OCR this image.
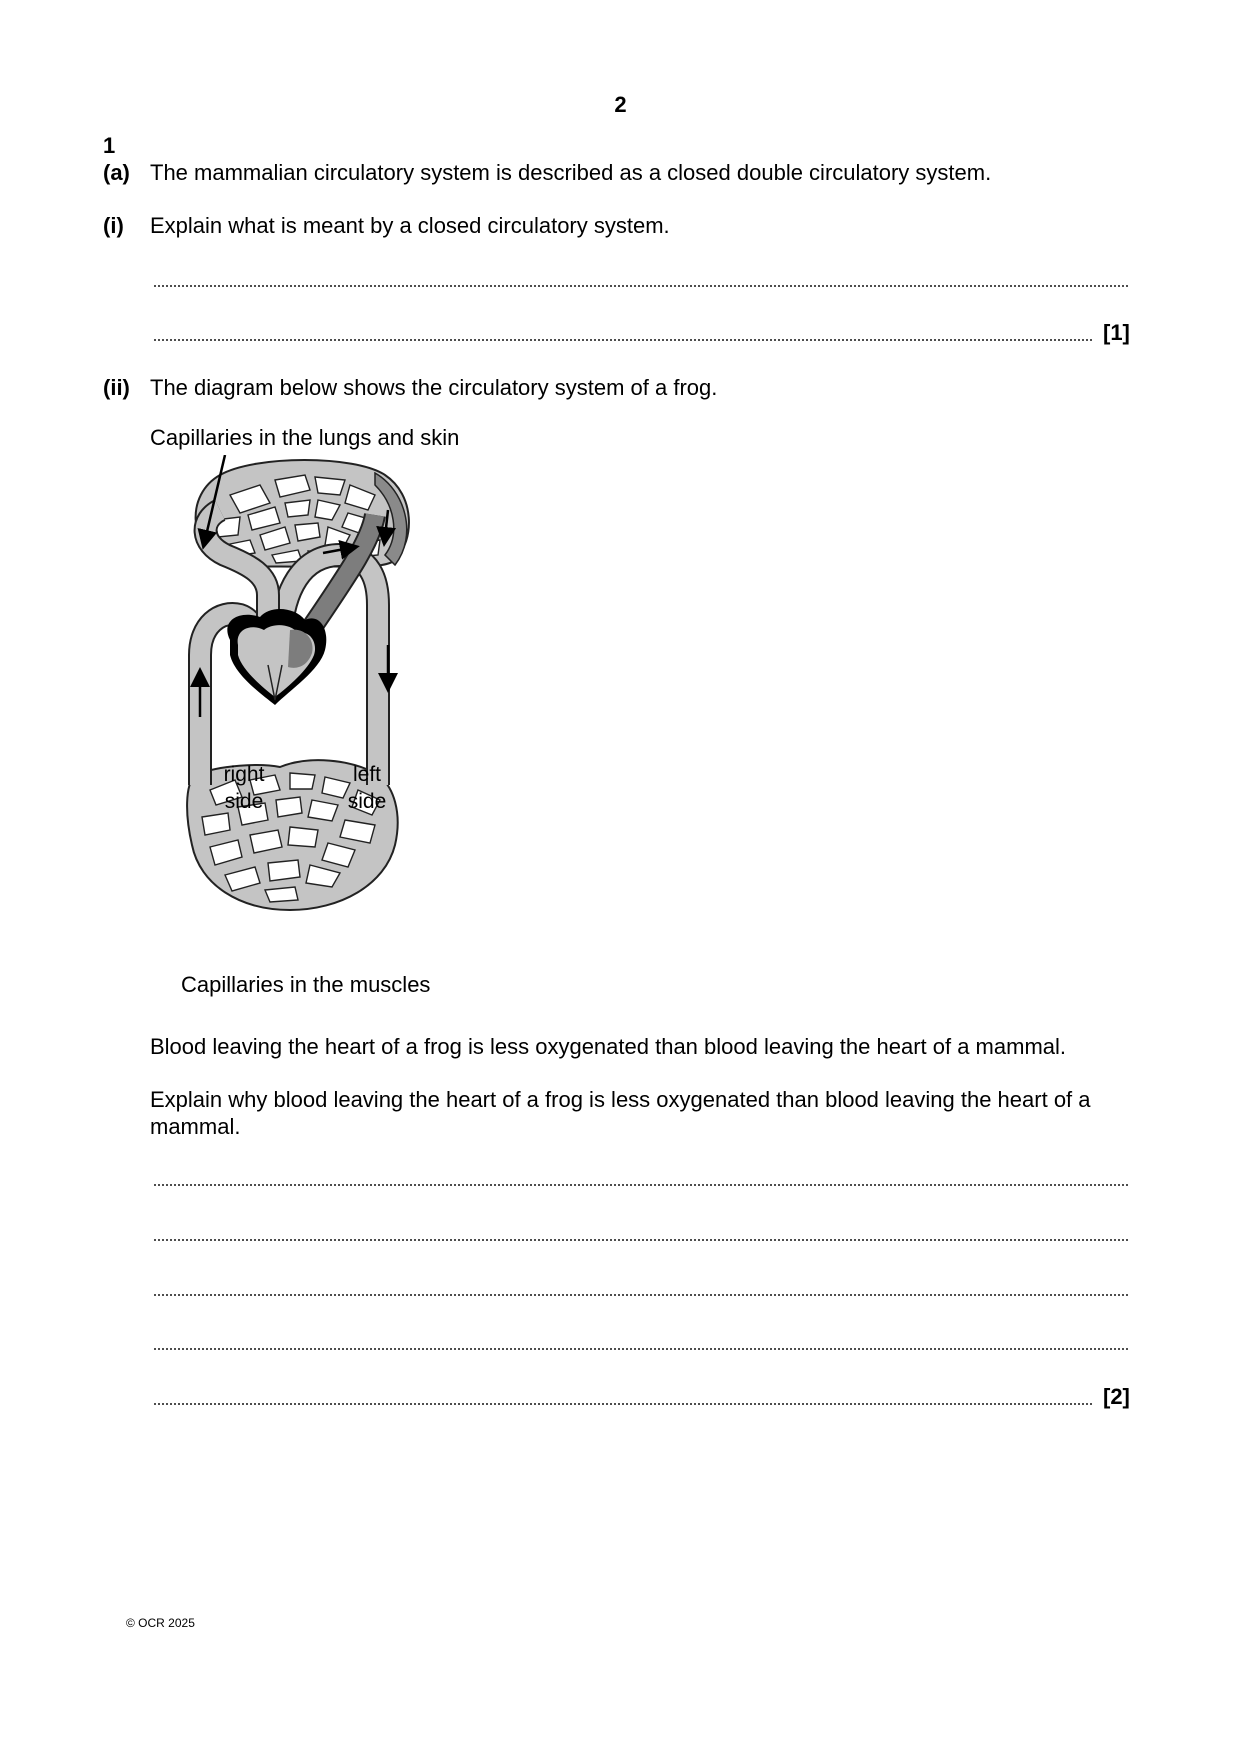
2
1
(a) The mammalian circulatory system is described as a closed double circulatory system.
(i) Explain what is meant by a closed circulatory system.
[1]
(ii) The diagram below shows the circulatory system of a frog.
Capillaries in the lungs and skin
right
side
left
side
Capillaries in the muscles
Blood leaving the heart of a frog is less oxygenated than blood leaving the heart of a mammal.
Explain why blood leaving the heart of a frog is less oxygenated than blood leaving the heart of a
mammal.
[2]
© OCR 2025
